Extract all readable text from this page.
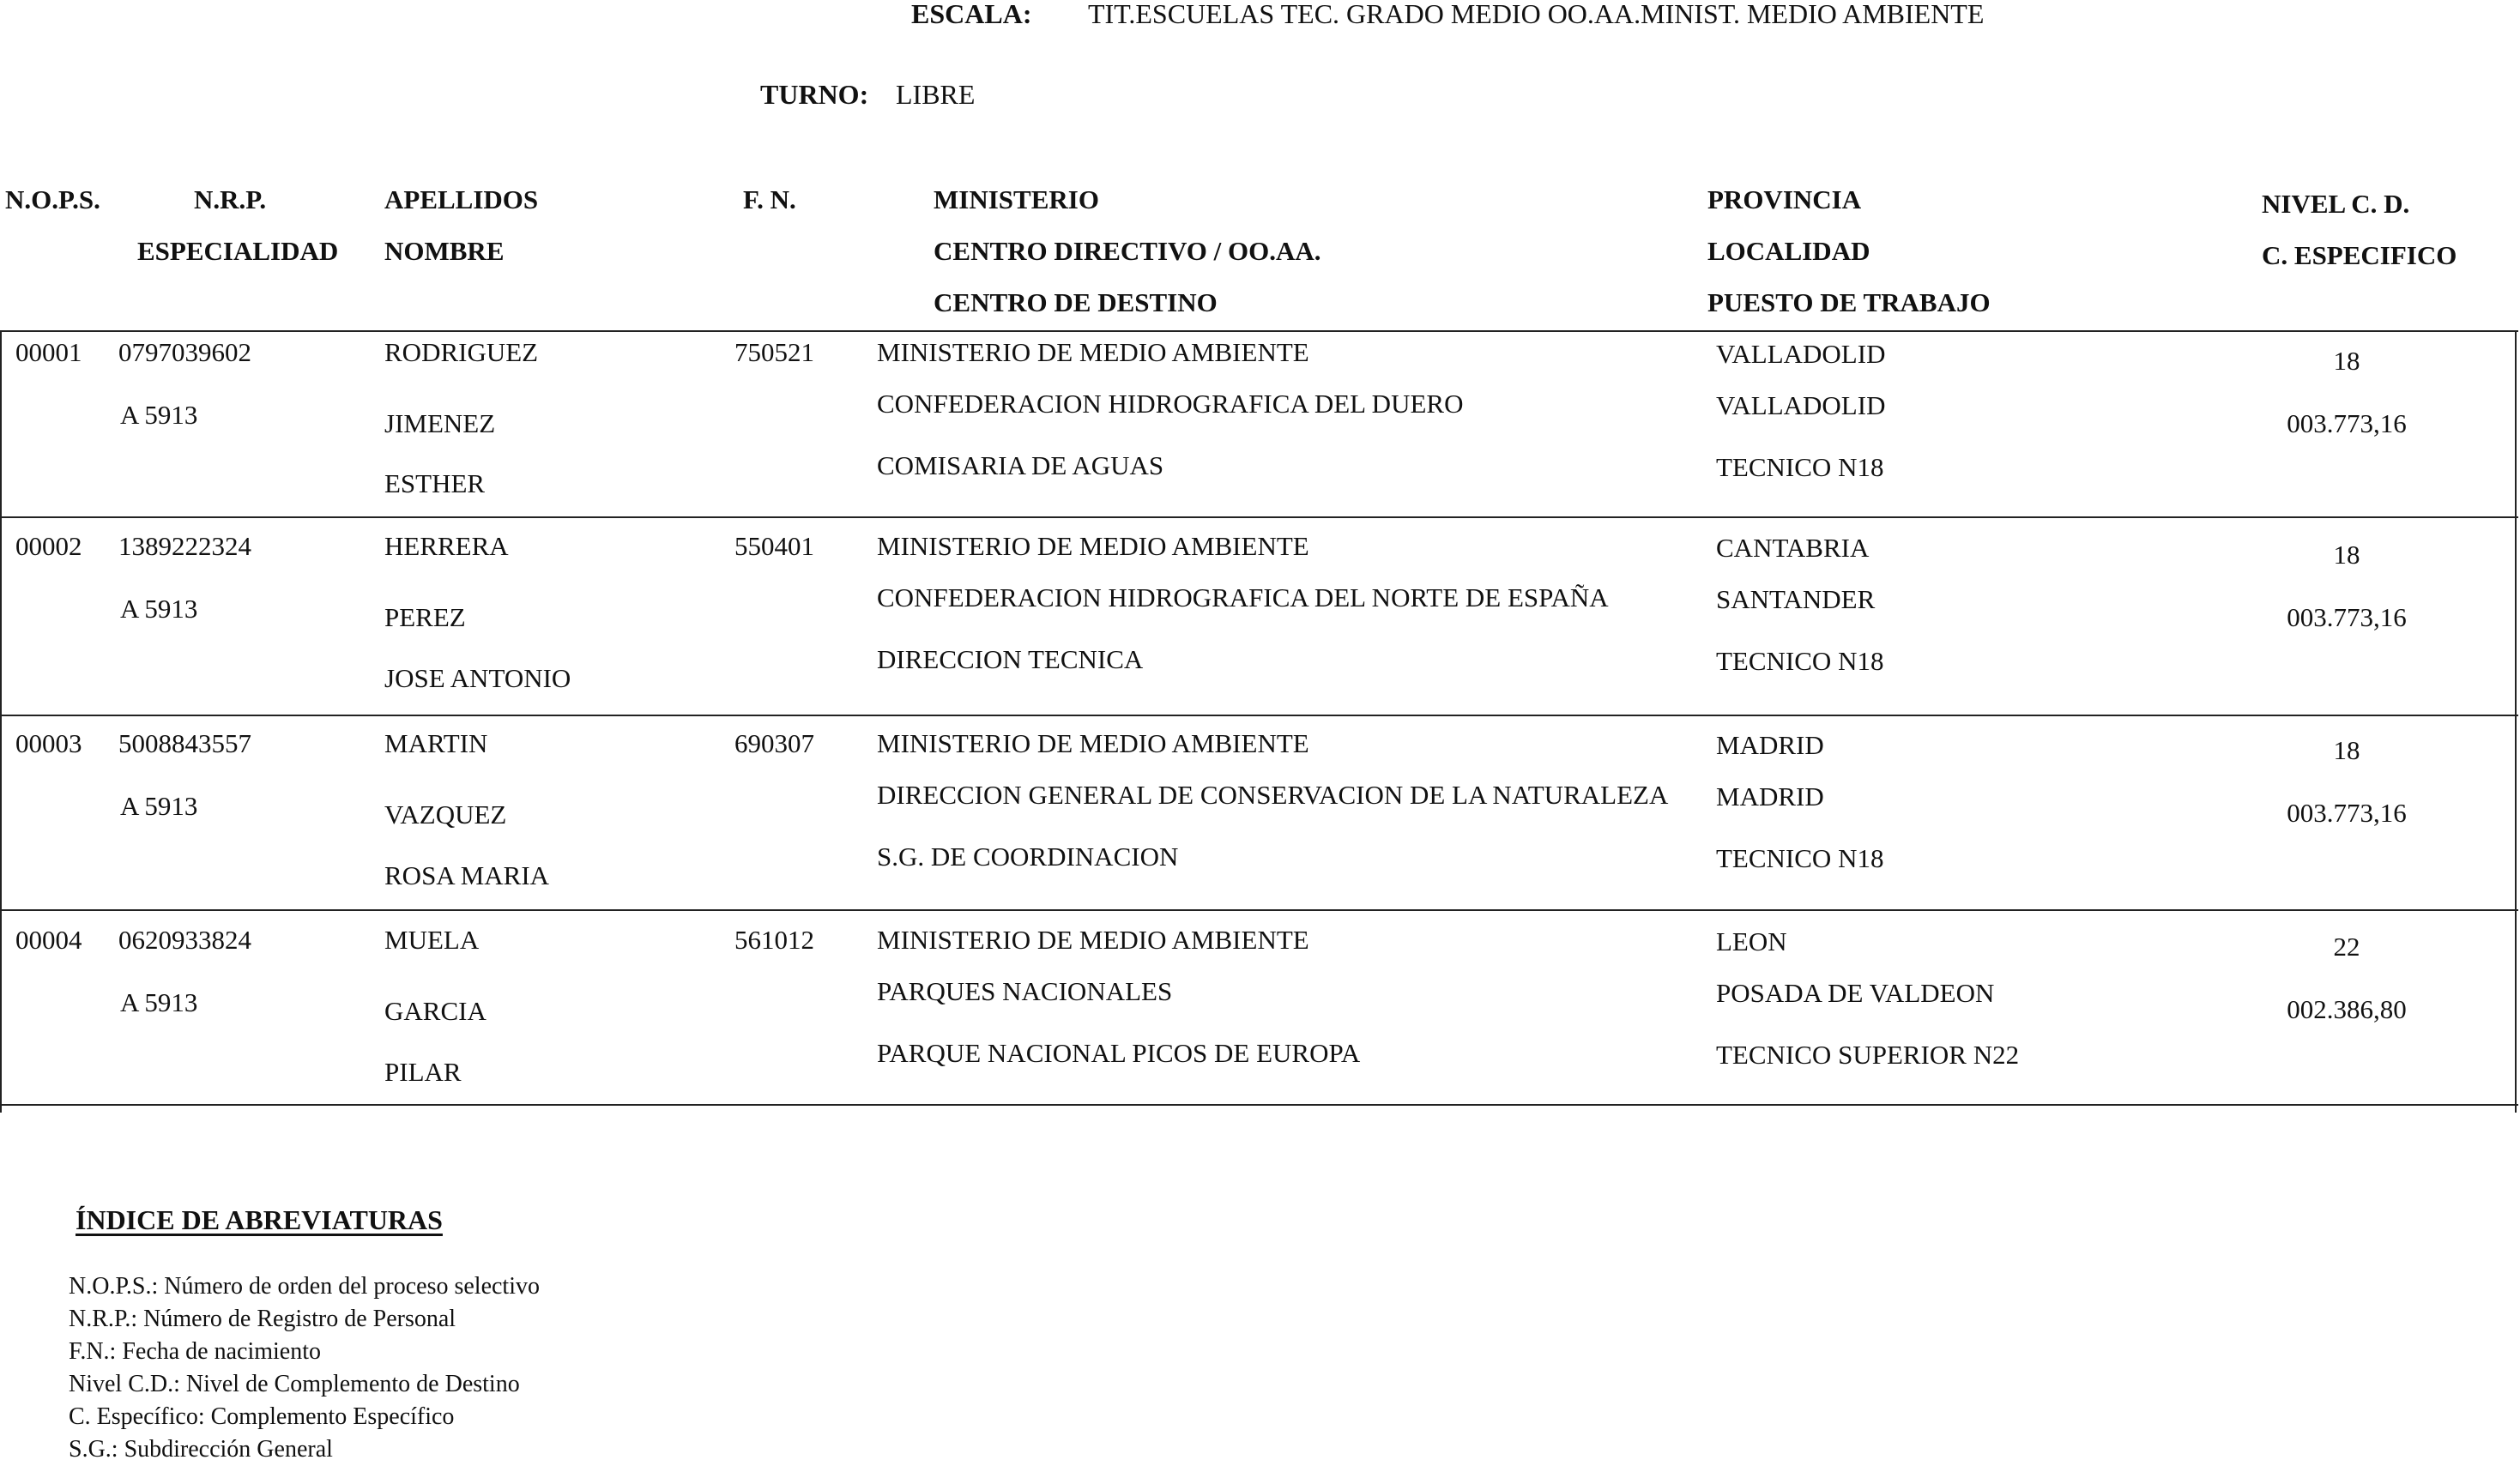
ESCALA: TIT.ESCUELAS TEC. GRADO MEDIO OO.AA.MINIST. MEDIO AMBIENTE
TURNO: LIBRE
N.O.P.S.	N.R.P.
ESPECIALIDAD
APELLIDOS
NOMBRE
F. N.	MINISTERIO
CENTRO DIRECTIVO / OO.AA.
CENTRO DE DESTINO
PROVINCIA
LOCALIDAD
PUESTO DE TRABAJO
NIVEL C. D.
C. ESPECIFICO
00001 0797039602
A 5913
RODRIGUEZ
JIMENEZ
ESTHER
750521 MINISTERIO DE MEDIO AMBIENTE
CONFEDERACION HIDROGRAFICA DEL DUERO
COMISARIA DE AGUAS
VALLADOLID
VALLADOLID
TECNICO N18
18
003.773,16
00002 1389222324
A 5913
HERRERA
PEREZ
JOSE ANTONIO
550401 MINISTERIO DE MEDIO AMBIENTE
CONFEDERACION HIDROGRAFICA DEL NORTE DE ESPAÑA
DIRECCION TECNICA
CANTABRIA
SANTANDER
TECNICO N18
18
003.773,16
00003 5008843557
A 5913
MARTIN
VAZQUEZ
ROSA MARIA
690307 MINISTERIO DE MEDIO AMBIENTE
DIRECCION GENERAL DE CONSERVACION DE LA NATURALEZA
S.G. DE COORDINACION
MADRID
MADRID
TECNICO N18
18
003.773,16
00004 0620933824
A 5913
MUELA
GARCIA
PILAR
561012 MINISTERIO DE MEDIO AMBIENTE
PARQUES NACIONALES
PARQUE NACIONAL PICOS DE EUROPA
LEON
POSADA DE VALDEON
TECNICO SUPERIOR N22
22
002.386,80
ÍNDICE DE ABREVIATURAS
N.O.P.S.: Número de orden del proceso selectivo
N.R.P.: Número de Registro de Personal
F.N.: Fecha de nacimiento
Nivel C.D.: Nivel de Complemento de Destino
C. Específico: Complemento Específico
S.G.: Subdirección General
